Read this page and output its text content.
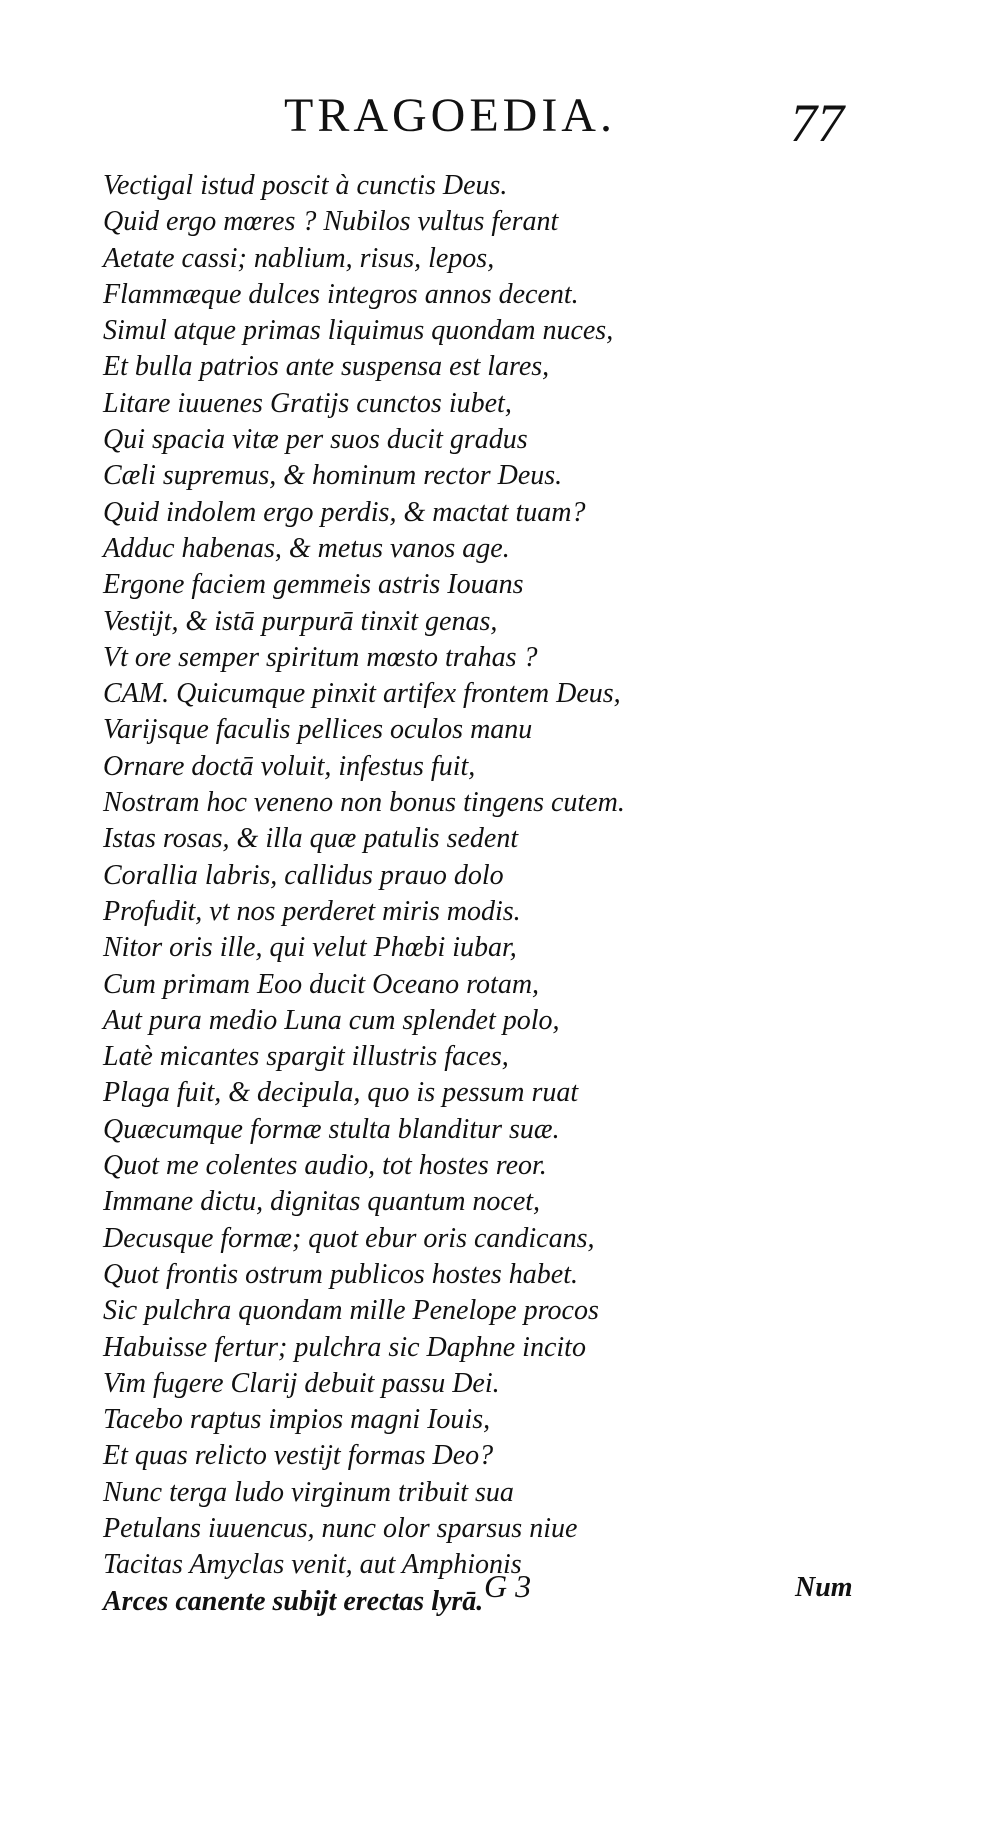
TRAGOEDIA.	77
Vectigal istud poscit à cunctis Deus.
Quid ergo mœres ? Nubilos vultus ferant
Aetate cassi; nablium, risus, lepos,
Flammæque dulces integros annos decent.
Simul atque primas liquimus quondam nuces,
Et bulla patrios ante suspensa est lares,
Litare iuuenes Gratijs cunctos iubet,
Qui spacia vitæ per suos ducit gradus
Cæli supremus, & hominum rector Deus.
Quid indolem ergo perdis, & mactat tuam?
Adduc habenas, & metus vanos age.
Ergone faciem gemmeis astris Iouans
Vestijt, & istā purpurā tinxit genas,
Vt ore semper spiritum mœsto trahas ?
CAM. Quicumque pinxit artifex frontem Deus,
Varijsque faculis pellices oculos manu
Ornare doctā voluit, infestus fuit,
Nostram hoc veneno non bonus tingens cutem.
Istas rosas, & illa quæ patulis sedent
Corallia labris, callidus prauo dolo
Profudit, vt nos perderet miris modis.
Nitor oris ille, qui velut Phœbi iubar,
Cum primam Eoo ducit Oceano rotam,
Aut pura medio Luna cum splendet polo,
Latè micantes spargit illustris faces,
Plaga fuit, & decipula, quo is pessum ruat
Quæcumque formæ stulta blanditur suæ.
Quot me colentes audio, tot hostes reor.
Immane dictu, dignitas quantum nocet,
Decusque formæ; quot ebur oris candicans,
Quot frontis ostrum publicos hostes habet.
Sic pulchra quondam mille Penelope procos
Habuisse fertur; pulchra sic Daphne incito
Vim fugere Clarij debuit passu Dei.
Tacebo raptus impios magni Iouis,
Et quas relicto vestijt formas Deo?
Nunc terga ludo virginum tribuit sua
Petulans iuuencus, nunc olor sparsus niue
Tacitas Amyclas venit, aut Amphionis
Arces canente subijt erectas lyrā. G 3	Num
